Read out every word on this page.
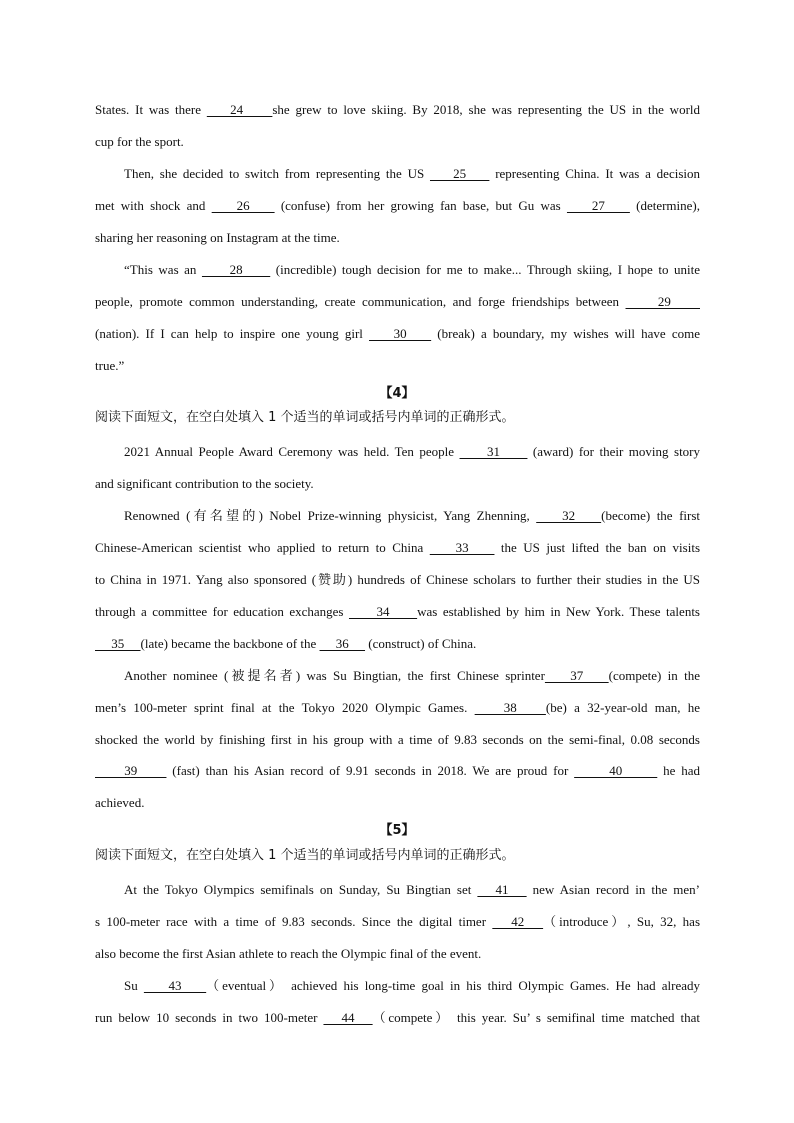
States. It was there     24     she grew to love skiing. By 2018, she was representing the US in the world
cup for the sport.
Then, she decided to switch from representing the US     25     representing China. It was a decision
met with shock and     26     (confuse) from her growing fan base, but Gu was     27     (determine),
sharing her reasoning on Instagram at the time.
“This was an      28      (incredible) tough decision for me to make... Through skiing, I hope to unite
people, promote common understanding, create communication, and forge friendships between      29
(nation). If I can help to inspire one young girl     30     (break) a boundary, my wishes will have come
true.”
【4】
阅读下面短文，在空白处填入 1 个适当的单词或括号内单词的正确形式。
2021 Annual People Award Ceremony was held. Ten people      31      (award) for their moving story
and significant contribution to the society.
Renowned (有名望的) Nobel Prize-winning physicist, Yang Zhenning,     32    (become) the first
Chinese-American scientist who applied to return to China     33     the US just lifted the ban on visits
to China in 1971. Yang also sponsored (赞助) hundreds of Chinese scholars to further their studies in the US
through a committee for education exchanges      34     was established by him in New York. These talents
35     (late) became the backbone of the      36      (construct) of China.
Another nominee (被提名者) was Su Bingtian, the first Chinese sprinter    37    (compete) in the
men’s 100-meter sprint final at the Tokyo 2020 Olympic Games.     38    (be) a 32-year-old man, he
shocked the world by finishing first in his group with a time of 9.83 seconds on the semi-final, 0.08 seconds
39      (fast) than his Asian record of 9.91 seconds in 2018. We are proud for       40       he had
achieved.
【5】
阅读下面短文，在空白处填入 1 个适当的单词或括号内单词的正确形式。
At the Tokyo Olympics semifinals on Sunday, Su Bingtian set    41    new Asian record in the men’
s 100-meter race with a time of 9.83 seconds. Since the digital timer    42   （introduce）, Su, 32, has
also become the first Asian athlete to reach the Olympic final of the event.
Su     43    （eventual） achieved his long-time goal in his third Olympic Games. He had already
run below 10 seconds in two 100-meter    44   （compete） this year. Su’ s semifinal time matched that
